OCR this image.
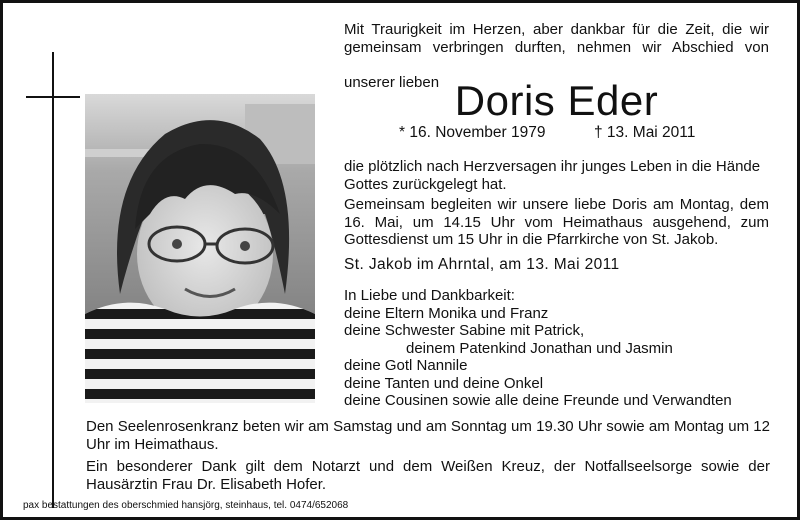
Mit Traurigkeit im Herzen, aber dankbar für die Zeit, die wir
gemeinsam verbringen durften, nehmen wir Abschied von
unserer lieben Doris Eder
* 16. November 1979	† 13. Mai 2011
die plötzlich nach Herzversagen ihr junges Leben in die Hände Gottes zurückgelegt hat.
Gemeinsam begleiten wir unsere liebe Doris am Montag, dem 16. Mai, um 14.15 Uhr vom Heimathaus ausgehend, zum Gottesdienst um 15 Uhr in die Pfarrkirche von St. Jakob.
St. Jakob im Ahrntal, am 13. Mai 2011
In Liebe und Dankbarkeit:
deine Eltern Monika und Franz
deine Schwester Sabine mit Patrick,
deinem Patenkind Jonathan und Jasmin
deine Gotl Nannile
deine Tanten und deine Onkel
deine Cousinen sowie alle deine Freunde und Verwandten
Den Seelenrosenkranz beten wir am Samstag und am Sonntag um 19.30 Uhr sowie am Montag um 12 Uhr im Heimathaus.
Ein besonderer Dank gilt dem Notarzt und dem Weißen Kreuz, der Notfallseelsorge sowie der Hausärztin Frau Dr. Elisabeth Hofer.
pax bestattungen des oberschmied hansjörg, steinhaus, tel. 0474/652068
